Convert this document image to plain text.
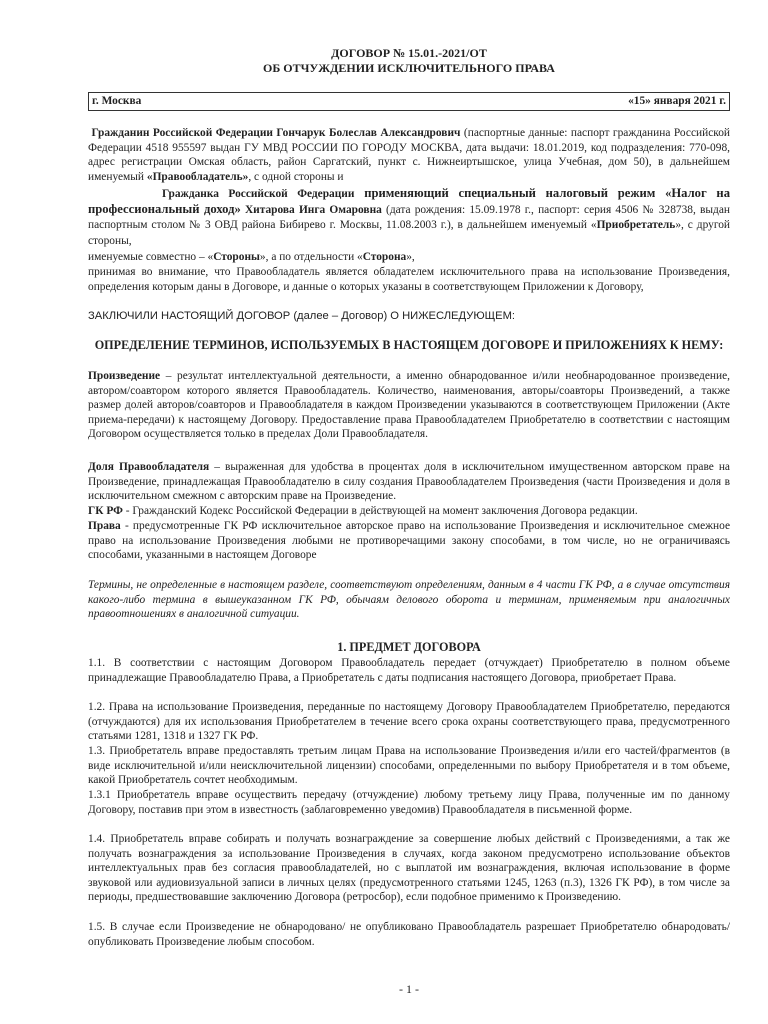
ДОГОВОР № 15.01.-2021/ОТ
ОБ ОТЧУЖДЕНИИ ИСКЛЮЧИТЕЛЬНОГО ПРАВА
г. Москва	«15» января 2021 г.

Гражданин Российской Федерации Гончарук Болеслав Александрович (паспортные данные: паспорт гражданина Российской Федерации 4518 955597 выдан ГУ МВД РОССИИ ПО ГОРОДУ МОСКВА, дата выдачи: 18.01.2019, код подразделения: 770-098, адрес регистрации Омская область, район Саргатский, пункт с. Нижнеиртышское, улица Учебная, дом 50), в дальнейшем именуемый «Правообладатель», с одной стороны и

Гражданка Российской Федерации применяющий специальный налоговый режим «Налог на профессиональный доход» Хитарова Инга Омаровна (дата рождения: 15.09.1978 г., паспорт: серия 4506 № 328738, выдан паспортным столом № 3 ОВД района Бибирево г. Москвы, 11.08.2003 г.), в дальнейшем именуемый «Приобретатель», с другой стороны,

именуемые совместно – «Стороны», а по отдельности «Сторона»,

принимая во внимание, что Правообладатель является обладателем исключительного права на использование Произведения, определения которым даны в Договоре, и данные о которых указаны в соответствующем Приложении к Договору,
ЗАКЛЮЧИЛИ НАСТОЯЩИЙ ДОГОВОР (далее – Договор) О НИЖЕСЛЕДУЮЩЕМ:
ОПРЕДЕЛЕНИЕ ТЕРМИНОВ, ИСПОЛЬЗУЕМЫХ В НАСТОЯЩЕМ ДОГОВОРЕ И ПРИЛОЖЕНИЯХ К НЕМУ:

Произведение – результат интеллектуальной деятельности, а именно обнародованное и/или необнародованное произведение, автором/соавтором которого является Правообладатель. Количество, наименования, авторы/соавторы Произведений, а также размер долей авторов/соавторов и Правообладателя в каждом Произведении указываются в соответствующем Приложении (Акте приема-передачи) к настоящему Договору. Предоставление права Правообладателем Приобретателю в соответствии с настоящим Договором осуществляется только в пределах Доли Правообладателя.

Доля Правообладателя – выраженная для удобства в процентах доля в исключительном имущественном авторском праве на Произведение, принадлежащая Правообладателю в силу создания Правообладателем Произведения (части Произведения и доля в исключительном смежном с авторским праве на Произведение.

ГК РФ - Гражданский Кодекс Российской Федерации в действующей на момент заключения Договора редакции.

Права - предусмотренные ГК РФ исключительное авторское право на использование Произведения и исключительное смежное право на использование Произведения любыми не противоречащими закону способами, в том числе, но не ограничиваясь способами, указанными в настоящем Договоре

Термины, не определенные в настоящем разделе, соответствуют определениям, данным в 4 части ГК РФ, а в случае отсутствия какого-либо термина в вышеуказанном ГК РФ, обычаям делового оборота и терминам, применяемым при аналогичных правоотношениях в аналогичной ситуации.
1. ПРЕДМЕТ ДОГОВОРА
1.1. В соответствии с настоящим Договором Правообладатель передает (отчуждает) Приобретателю в полном объеме принадлежащие Правообладателю Права, а Приобретатель с даты подписания настоящего Договора, приобретает Права.
1.2. Права на использование Произведения, переданные по настоящему Договору Правообладателем Приобретателю, передаются (отчуждаются) для их использования Приобретателем в течение всего срока охраны соответствующего права, предусмотренного статьями 1281, 1318 и 1327 ГК РФ.
1.3. Приобретатель вправе предоставлять третьим лицам Права на использование Произведения и/или его частей/фрагментов (в виде исключительной и/или неисключительной лицензии) способами, определенными по выбору Приобретателя и в том объеме, какой Приобретатель сочтет необходимым.
1.3.1 Приобретатель вправе осуществить передачу (отчуждение) любому третьему лицу Права, полученные им по данному Договору, поставив при этом в известность (заблаговременно уведомив) Правообладателя в письменной форме.
1.4. Приобретатель вправе собирать и получать вознаграждение за совершение любых действий с Произведениями, а так же получать вознаграждения за использование Произведения в случаях, когда законом предусмотрено использование объектов интеллектуальных прав без согласия правообладателей, но с выплатой им вознаграждения, включая использование в форме звуковой или аудиовизуальной записи в личных целях (предусмотренного статьями 1245, 1263 (п.3), 1326 ГК РФ), в том числе за периоды, предшествовавшие заключению Договора (ретросбор), если подобное применимо к Произведению.
1.5. В случае если Произведение не обнародовано/ не опубликовано Правообладатель разрешает Приобретателю обнародовать/ опубликовать Произведение любым способом.
- 1 -
